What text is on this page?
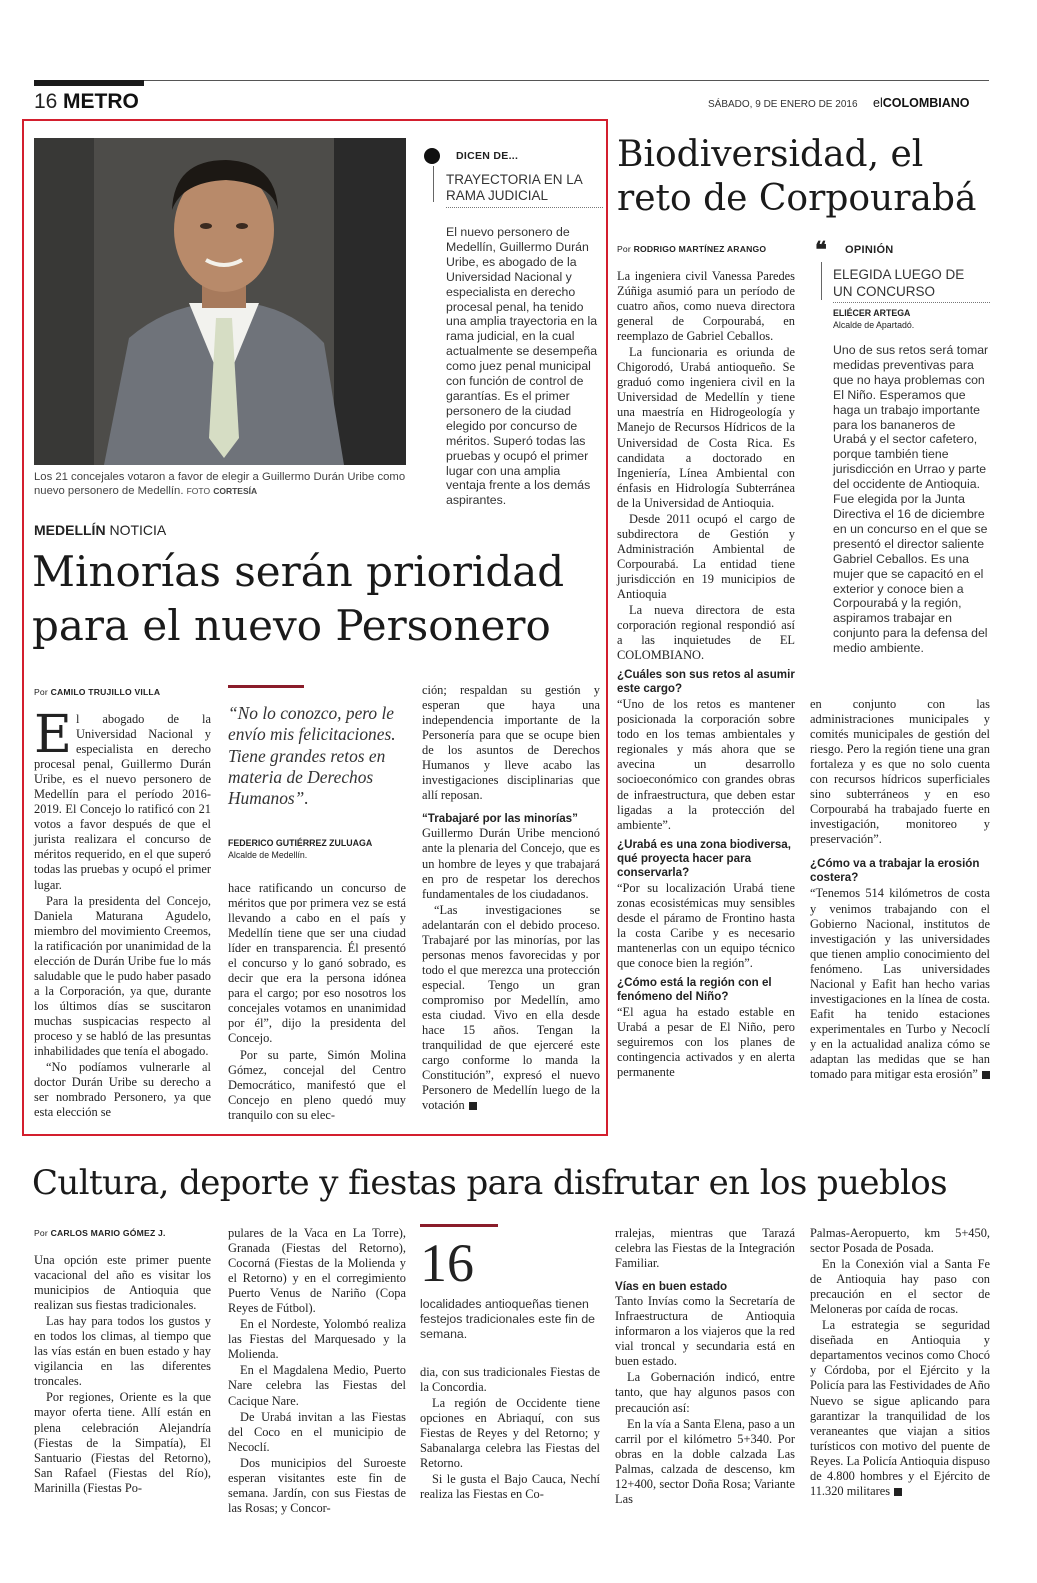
16 METRO	SÁBADO, 9 DE ENERO DE 2016 elCOLOMBIANO
Los 21 concejales votaron a favor de elegir a Guillermo Durán Uribe como nuevo personero de Medellín. FOTO CORTESÍA
DICEN DE...
TRAYECTORIA EN LA RAMA JUDICIAL
El nuevo personero de Medellín, Guillermo Durán Uribe, es abogado de la Universidad Nacional y especialista en derecho procesal penal, ha tenido una amplia trayectoria en la rama judicial, en la cual actualmente se desempeña como juez penal municipal con función de control de garantías. Es el primer personero de la ciudad elegido por concurso de méritos. Superó todas las pruebas y ocupó el primer lugar con una amplia ventaja frente a los demás aspirantes.
MEDELLÍN NOTICIA
Minorías serán prioridad
para el nuevo Personero
Por CAMILO TRUJILLO VILLA

El abogado de la Universidad Nacional y especialista en derecho procesal penal, Guillermo Durán Uribe, es el nuevo personero de Medellín para el período 2016-2019. El Concejo lo ratificó con 21 votos a favor después de que el jurista realizara el concurso de méritos requerido, en el que superó todas las pruebas y ocupó el primer lugar.

Para la presidenta del Concejo, Daniela Maturana Agudelo, miembro del movimiento Creemos, la ratificación por unanimidad de la elección de Durán Uribe fue lo más saludable que le pudo haber pasado a la Corporación, ya que, durante los últimos días se suscitaron muchas suspicacias respecto al proceso y se habló de las presuntas inhabilidades que tenía el abogado.

“No podíamos vulnerarle al doctor Durán Uribe su derecho a ser nombrado Personero, ya que esta elección se

“No lo conozco, pero le envío mis felicitaciones. Tiene grandes retos en materia de Derechos Humanos”.
FEDERICO GUTIÉRREZ ZULUAGA
Alcalde de Medellín.

hace ratificando un concurso de méritos que por primera vez se está llevando a cabo en el país y Medellín tiene que ser una ciudad líder en transparencia. Él presentó el concurso y lo ganó sobrado, es decir que era la persona idónea para el cargo; por eso nosotros los concejales votamos en unanimidad por él”, dijo la presidenta del Concejo.

Por su parte, Simón Molina Gómez, concejal del Centro Democrático, manifestó que el Concejo en pleno quedó muy tranquilo con su elec-

ción; respaldan su gestión y esperan que haya una independencia importante de la Personería para que se ocupe bien de los asuntos de Derechos Humanos y lleve acabo las investigaciones disciplinarias que allí reposan.

“Trabajaré por las minorías”

Guillermo Durán Uribe mencionó ante la plenaria del Concejo, que es un hombre de leyes y que trabajará en pro de respetar los derechos fundamentales de los ciudadanos.

“Las investigaciones se adelantarán con el debido proceso. Trabajaré por las minorías, por las personas menos favorecidas y por todo el que merezca una protección especial. Tengo un gran compromiso por Medellín, amo esta ciudad. Vivo en ella desde hace 15 años. Tengan la tranquilidad de que ejerceré este cargo conforme lo manda la Constitución”, expresó el nuevo Personero de Medellín luego de la votación

Biodiversidad, el
reto de Corpourabá
Por RODRIGO MARTÍNEZ ARANGO

La ingeniera civil Vanessa Paredes Zúñiga asumió para un período de cuatro años, como nueva directora general de Corpourabá, en reemplazo de Gabriel Ceballos.

La funcionaria es oriunda de Chigorodó, Urabá antioqueño. Se graduó como ingeniera civil en la Universidad de Medellín y tiene una maestría en Hidrogeología y Manejo de Recursos Hídricos de la Universidad de Costa Rica. Es candidata a doctorado en Ingeniería, Línea Ambiental con énfasis en Hidrología Subterránea de la Universidad de Antioquia.

Desde 2011 ocupó el cargo de subdirectora de Gestión y Administración Ambiental de Corpourabá. La entidad tiene jurisdicción en 19 municipios de Antioquia

La nueva directora de esta corporación regional respondió así a las inquietudes de EL COLOMBIANO.

¿Cuáles son sus retos al asumir este cargo?

“Uno de los retos es mantener posicionada la corporación sobre todo en los temas ambientales y regionales y más ahora que se avecina un desarrollo socioeconómico con grandes obras de infraestructura, que deben estar ligadas a la protección del ambiente”.

¿Urabá es una zona biodiversa, qué proyecta hacer para conservarla?

“Por su localización Urabá tiene zonas ecosistémicas muy sensibles desde el páramo de Frontino hasta la costa Caribe y es necesario mantenerlas con un equipo técnico que conoce bien la región”.

¿Cómo está la región con el fenómeno del Niño?

“El agua ha estado estable en Urabá a pesar de El Niño, pero seguiremos con los planes de contingencia activados y en alerta permanente

❝ OPINIÓN
ELEGIDA LUEGO DE UN CONCURSO
ELIÉCER ARTEGA
Alcalde de Apartadó.
Uno de sus retos será tomar medidas preventivas para que no haya problemas con El Niño. Esperamos que haga un trabajo importante para los bananeros de Urabá y el sector cafetero, porque también tiene jurisdicción en Urrao y parte del occidente de Antioquia. Fue elegida por la Junta Directiva el 16 de diciembre en un concurso en el que se presentó el director saliente Gabriel Ceballos. Es una mujer que se capacitó en el exterior y conoce bien a Corpourabá y la región, aspiramos trabajar en conjunto para la defensa del medio ambiente.

en conjunto con las administraciones municipales y comités municipales de gestión del riesgo. Pero la región tiene una gran fortaleza y es que no solo cuenta con recursos hídricos superficiales sino subterráneos y en eso Corpourabá ha trabajado fuerte en investigación, monitoreo y preservación”.

¿Cómo va a trabajar la erosión costera?

“Tenemos 514 kilómetros de costa y venimos trabajando con el Gobierno Nacional, institutos de investigación y las universidades que tienen amplio conocimiento del fenómeno. Las universidades Nacional y Eafit han hecho varias investigaciones en la línea de costa. Eafit ha tenido estaciones experimentales en Turbo y Necoclí y en la actualidad analiza cómo se adaptan las medidas que se han tomado para mitigar esta erosión”

Cultura, deporte y fiestas para disfrutar en los pueblos
Por CARLOS MARIO GÓMEZ J.

Una opción este primer puente vacacional del año es visitar los municipios de Antioquia que realizan sus fiestas tradicionales.

Las hay para todos los gustos y en todos los climas, al tiempo que las vías están en buen estado y hay vigilancia en las diferentes troncales.

Por regiones, Oriente es la que mayor oferta tiene. Allí están en plena celebración Alejandría (Fiestas de la Simpatía), El Santuario (Fiestas del Retorno), San Rafael (Fiestas del Río), Marinilla (Fiestas Po-

pulares de la Vaca en La Torre), Granada (Fiestas del Retorno), Cocorná (Fiestas de la Molienda y el Retorno) y en el corregimiento Puerto Venus de Nariño (Copa Reyes de Fútbol).

En el Nordeste, Yolombó realiza las Fiestas del Marquesado y la Molienda.

En el Magdalena Medio, Puerto Nare celebra las Fiestas del Cacique Nare.

De Urabá invitan a las Fiestas del Coco en el municipio de Necoclí.

Dos municipios del Suroeste esperan visitantes este fin de semana. Jardín, con sus Fiestas de las Rosas; y Concor-

16
localidades antioqueñas tienen festejos tradicionales este fin de semana.

dia, con sus tradicionales Fiestas de la Concordia.

La región de Occidente tiene opciones en Abriaquí, con sus Fiestas de Reyes y del Retorno; y Sabanalarga celebra las Fiestas del Retorno.

Si le gusta el Bajo Cauca, Nechí realiza las Fiestas en Co-

rralejas, mientras que Tarazá celebra las Fiestas de la Integración Familiar.

Vías en buen estado

Tanto Invías como la Secretaría de Infraestructura de Antioquia informaron a los viajeros que la red vial troncal y secundaria está en buen estado.

La Gobernación indicó, entre tanto, que hay algunos pasos con precaución así:

En la vía a Santa Elena, paso a un carril por el kilómetro 5+340. Por obras en la doble calzada Las Palmas, calzada de descenso, km 12+400, sector Doña Rosa; Variante Las

Palmas-Aeropuerto, km 5+450, sector Posada de Posada.

En la Conexión vial a Santa Fe de Antioquia hay paso con precaución en el sector de Meloneras por caída de rocas.

La estrategia se seguridad diseñada en Antioquia y departamentos vecinos como Chocó y Córdoba, por el Ejército y la Policía para las Festividades de Año Nuevo se sigue aplicando para garantizar la tranquilidad de los veraneantes que viajan a sitios turísticos con motivo del puente de Reyes. La Policía Antioquia dispuso de 4.800 hombres y el Ejército de 11.320 militares
